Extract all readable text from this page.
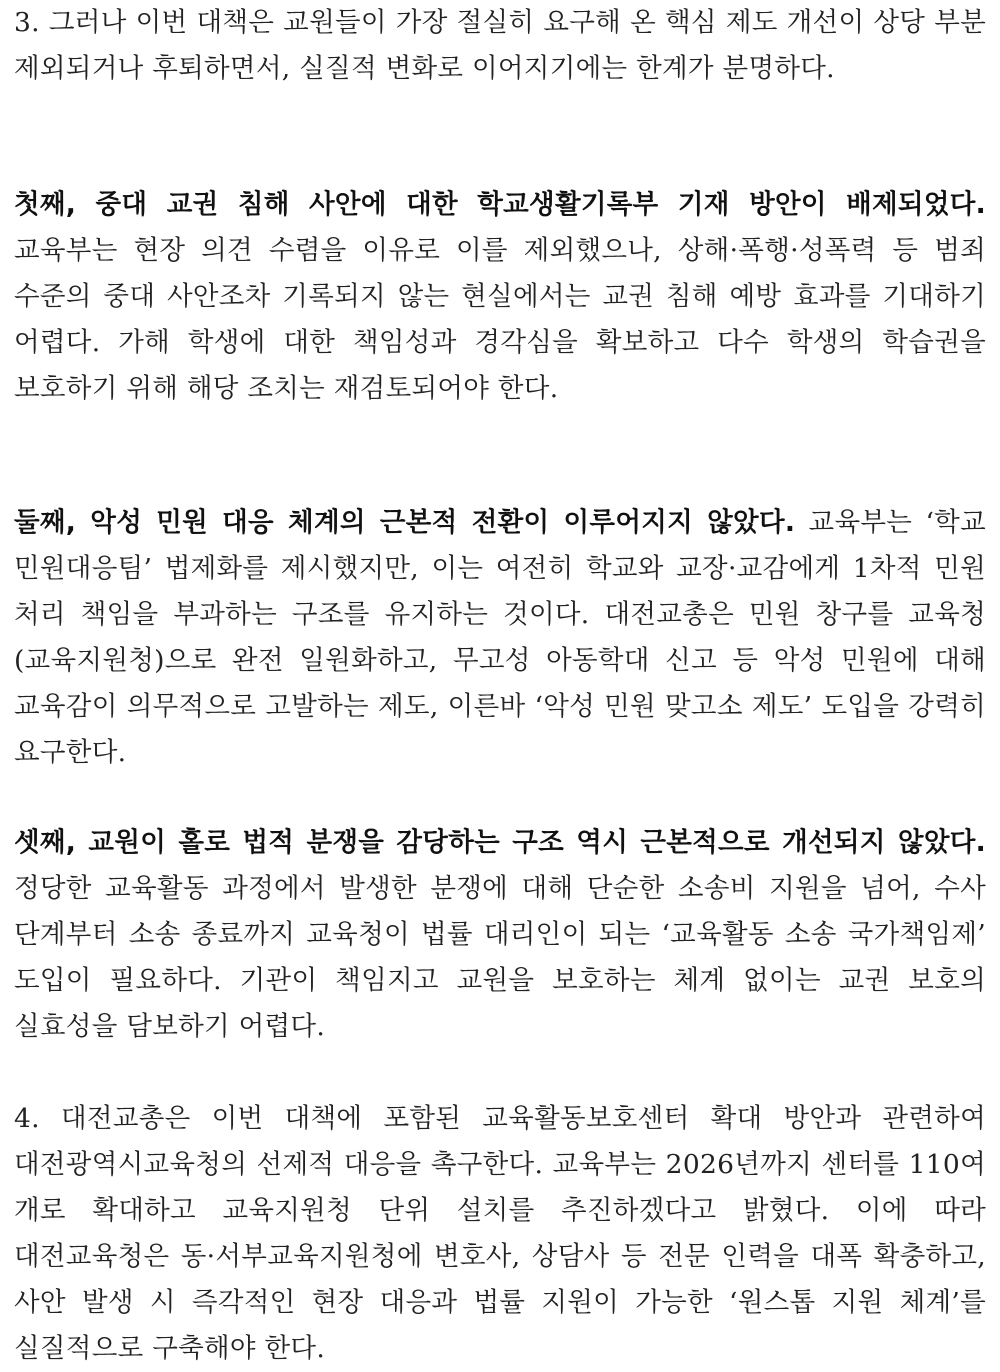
3. 그러나 이번 대책은 교원들이 가장 절실히 요구해 온 핵심 제도 개선이 상당 부분 제외되거나 후퇴하면서, 실질적 변화로 이어지기에는 한계가 분명하다.

첫째, 중대 교권 침해 사안에 대한 학교생활기록부 기재 방안이 배제되었다. 교육부는 현장 의견 수렴을 이유로 이를 제외했으나, 상해·폭행·성폭력 등 범죄 수준의 중대 사안조차 기록되지 않는 현실에서는 교권 침해 예방 효과를 기대하기 어렵다. 가해 학생에 대한 책임성과 경각심을 확보하고 다수 학생의 학습권을 보호하기 위해 해당 조치는 재검토되어야 한다.

둘째, 악성 민원 대응 체계의 근본적 전환이 이루어지지 않았다. 교육부는 ‘학교 민원대응팀’ 법제화를 제시했지만, 이는 여전히 학교와 교장·교감에게 1차적 민원 처리 책임을 부과하는 구조를 유지하는 것이다. 대전교총은 민원 창구를 교육청(교육지원청)으로 완전 일원화하고, 무고성 아동학대 신고 등 악성 민원에 대해 교육감이 의무적으로 고발하는 제도, 이른바 ‘악성 민원 맞고소 제도’ 도입을 강력히 요구한다.

셋째, 교원이 홀로 법적 분쟁을 감당하는 구조 역시 근본적으로 개선되지 않았다. 정당한 교육활동 과정에서 발생한 분쟁에 대해 단순한 소송비 지원을 넘어, 수사 단계부터 소송 종료까지 교육청이 법률 대리인이 되는 ‘교육활동 소송 국가책임제’ 도입이 필요하다. 기관이 책임지고 교원을 보호하는 체계 없이는 교권 보호의 실효성을 담보하기 어렵다.

4. 대전교총은 이번 대책에 포함된 교육활동보호센터 확대 방안과 관련하여 대전광역시교육청의 선제적 대응을 촉구한다. 교육부는 2026년까지 센터를 110여 개로 확대하고 교육지원청 단위 설치를 추진하겠다고 밝혔다. 이에 따라 대전교육청은 동·서부교육지원청에 변호사, 상담사 등 전문 인력을 대폭 확충하고, 사안 발생 시 즉각적인 현장 대응과 법률 지원이 가능한 ‘원스톱 지원 체계’를 실질적으로 구축해야 한다.
